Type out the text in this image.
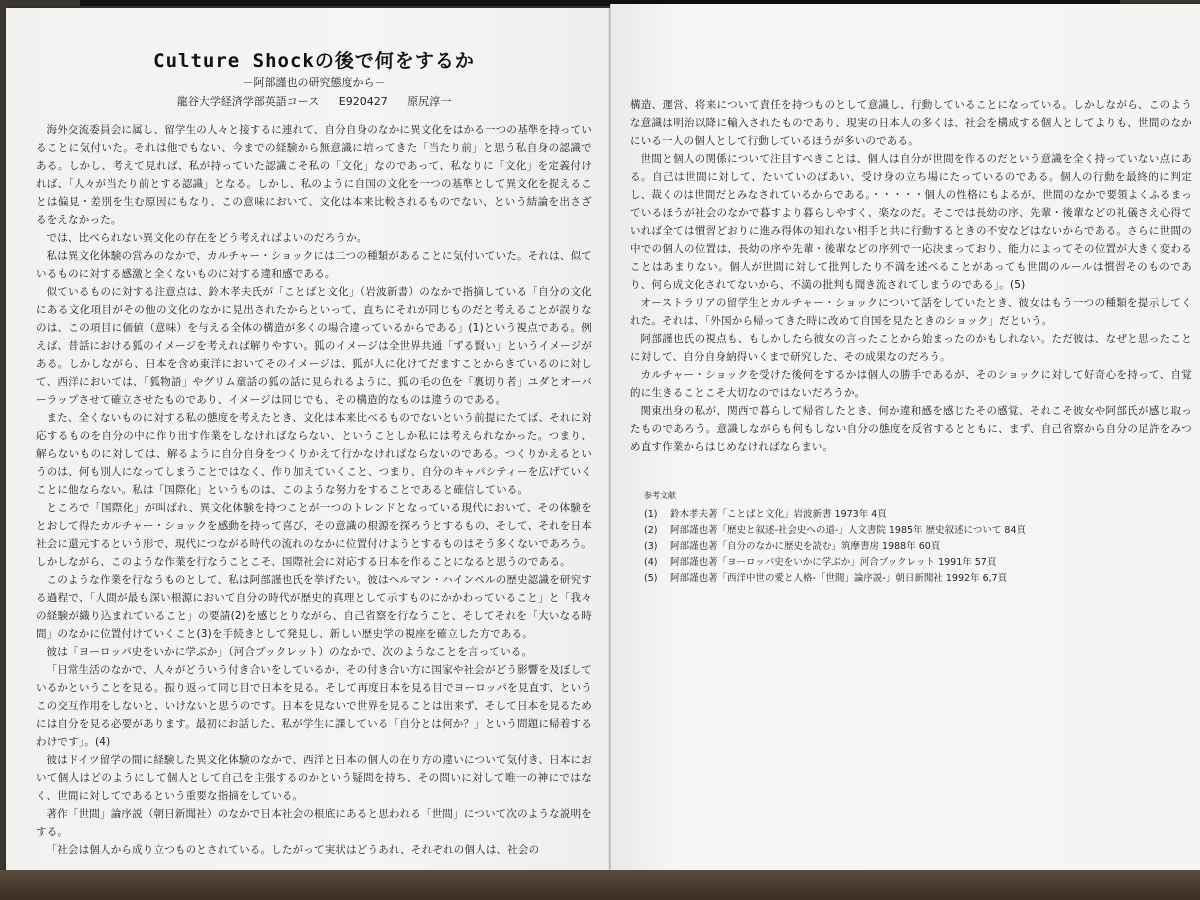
Culture Shockの後で何をするか

－阿部謹也の研究態度から－

龍谷大学経済学部英語コース E920427 原尻淳一

海外交流委員会に属し、留学生の人々と接するに連れて、自分自身のなかに異文化をはかる一つの基準を持っていることに気付いた。それは他でもない、今までの経験から無意識に培ってきた「当たり前」と思う私自身の認識である。しかし、考えて見れば、私が持っていた認識こそ私の「文化」なのであって、私なりに「文化」を定義付ければ、「人々が当たり前とする認識」となる。しかし、私のように自国の文化を一つの基準として異文化を捉えることは偏見・差別を生む原因にもなり、この意味において、文化は本来比較されるものでない、という結論を出さざるをえなかった。

では、比べられない異文化の存在をどう考えればよいのだろうか。

私は異文化体験の営みのなかで、カルチャー・ショックには二つの種類があることに気付いていた。それは、似ているものに対する感激と全くないものに対する違和感である。

似ているものに対する注意点は、鈴木孝夫氏が「ことばと文化」（岩波新書）のなかで指摘している「自分の文化にある文化項目がその他の文化のなかに見出されたからといって、直ちにそれが同じものだと考えることが誤りなのは、この項目に価値（意味）を与える全体の構造が多くの場合違っているからである」(1)という視点である。例えば、昔話における狐のイメージを考えれば解りやすい。狐のイメージは全世界共通「ずる賢い」というイメージがある。しかしながら、日本を含め東洋においてそのイメージは、狐が人に化けてだますことからきているのに対して、西洋においては、「狐物語」やグリム童話の狐の話に見られるように、狐の毛の色を「裏切り者」ユダとオーバーラップさせて確立させたものであり、イメージは同じでも、その構造的なものは違うのである。

また、全くないものに対する私の態度を考えたとき、文化は本来比べるものでないという前提にたてば、それに対応するものを自分の中に作り出す作業をしなければならない、ということしか私には考えられなかった。つまり、解らないものに対しては、解るように自分自身をつくりかえて行かなければならないのである。つくりかえるというのは、何も別人になってしまうことではなく、作り加えていくこと、つまり、自分のキャパシティーを広げていくことに他ならない。私は「国際化」というものは、このような努力をすることであると確信している。

ところで「国際化」が叫ばれ、異文化体験を持つことが一つのトレンドとなっている現代において、その体験をとおして得たカルチャー・ショックを感動を持って喜び、その意識の根源を探ろうとするもの、そして、それを日本社会に還元するという形で、現代につながる時代の流れのなかに位置付けようとするものはそう多くないであろう。しかしながら、このような作業を行なうことこそ、国際社会に対応する日本を作ることになると思うのである。

このような作業を行なうものとして、私は阿部謹也氏を挙げたい。彼はヘルマン・ハインペルの歴史認識を研究する過程で、「人間が最も深い根源において自分の時代が歴史的真理として示すものにかかわっていること」と「我々の経験が織り込まれていること」の要請(2)を感じとりながら、自己省察を行なうこと、そしてそれを「大いなる時間」のなかに位置付けていくこと(3)を手続きとして発見し、新しい歴史学の視座を確立した方である。

彼は「ヨーロッパ史をいかに学ぶか」（河合ブックレット）のなかで、次のようなことを言っている。

「日常生活のなかで、人々がどういう付き合いをしているか、その付き合い方に国家や社会がどう影響を及ぼしているかということを見る。振り返って同じ目で日本を見る。そして再度日本を見る目でヨーロッパを見直す、というこの交互作用をしないと、いけないと思うのです。日本を見ないで世界を見ることは出来ず、そして日本を見るためには自分を見る必要があります。最初にお話した、私が学生に課している「自分とは何か？」という問題に帰着するわけです」。(4)

彼はドイツ留学の間に経験した異文化体験のなかで、西洋と日本の個人の在り方の違いについて気付き、日本において個人はどのようにして個人として自己を主張するのかという疑問を持ち、その問いに対して唯一の神にではなく、世間に対してであるという重要な指摘をしている。

著作「世間」論序説（朝日新聞社）のなかで日本社会の根底にあると思われる「世間」について次のような説明をする。

「社会は個人から成り立つものとされている。したがって実状はどうあれ、それぞれの個人は、社会の

構造、運営、将来について責任を持つものとして意識し、行動していることになっている。しかしながら、このような意識は明治以降に輸入されたものであり、現実の日本人の多くは、社会を構成する個人としてよりも、世間のなかにいる一人の個人として行動しているほうが多いのである。

世間と個人の関係について注目すべきことは、個人は自分が世間を作るのだという意識を全く持っていない点にある。自己は世間に対して、たいていのばあい、受け身の立ち場にたっているのである。個人の行動を最終的に判定し、裁くのは世間だとみなされているからである。・・・・・個人の性格にもよるが、世間のなかで要領よくふるまっているほうが社会のなかで暮すより暮らしやすく、楽なのだ。そこでは長幼の序、先輩・後輩などの礼儀さえ心得ていれば全ては慣習どおりに進み得体の知れない相手と共に行動するときの不安などはないからである。さらに世間の中での個人の位置は、長幼の序や先輩・後輩などの序列で一応決まっており、能力によってその位置が大きく変わることはあまりない。個人が世間に対して批判したり不満を述べることがあっても世間のルールは慣習そのものであり、何ら成文化されてないから、不満の批判も聞き流されてしまうのである」。(5)

オーストラリアの留学生とカルチャー・ショックについて話をしていたとき、彼女はもう一つの種類を提示してくれた。それは、「外国から帰ってきた時に改めて自国を見たときのショック」だという。

阿部謹也氏の視点も、もしかしたら彼女の言ったことから始まったのかもしれない。ただ彼は、なぜと思ったことに対して、自分自身納得いくまで研究した、その成果なのだろう。

カルチャー・ショックを受けた後何をするかは個人の勝手であるが、そのショックに対して好奇心を持って、自覚的に生きることこそ大切なのではないだろうか。

関東出身の私が、関西で暮らして帰省したとき、何か違和感を感じたその感覚、それこそ彼女や阿部氏が感じ取ったものであろう。意識しながらも何もしない自分の態度を反省するとともに、まず、自己省察から自分の足許をみつめ直す作業からはじめなければならまい。

参考文献

(1) 鈴木孝夫著「ことばと文化」岩波新書 1973年 4頁

(2) 阿部謹也著「歴史と叙述-社会史への道-」人文書院 1985年 歴史叙述について 84頁

(3) 阿部謹也著「自分のなかに歴史を読む」筑摩書房 1988年 60頁

(4) 阿部謹也著「ヨーロッパ史をいかに学ぶか」河合ブックレット 1991年 57頁

(5) 阿部謹也著「西洋中世の愛と人格-「世間」論序説-」朝日新聞社 1992年 6,7頁
